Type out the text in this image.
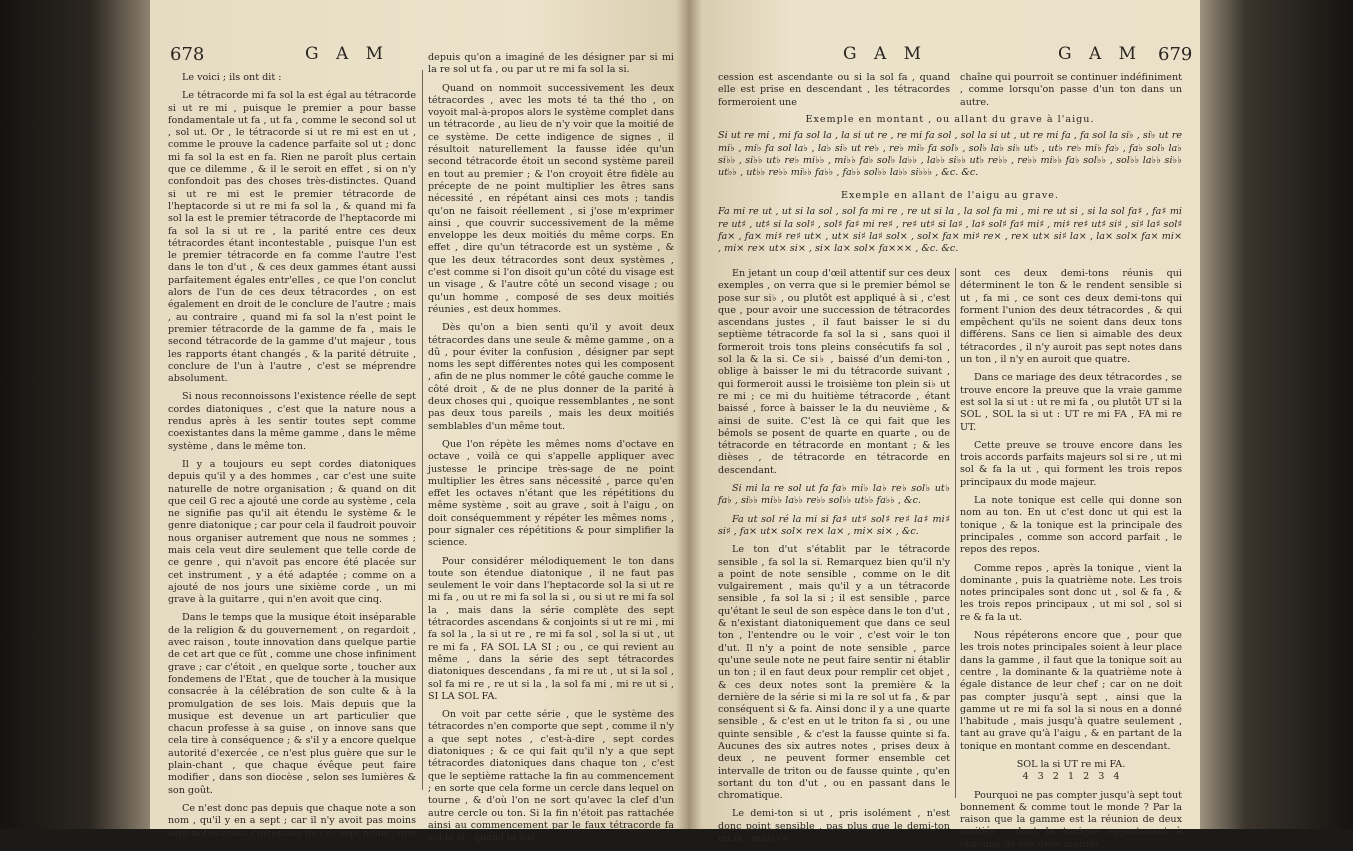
678	G A M

Le voici ; ils ont dit :

Le tétracorde mi fa sol la est égal au tétracorde si ut re mi , puisque le premier a pour basse fondamentale ut fa , ut fa , comme le second sol ut , sol ut. Or , le tétracorde si ut re mi est en ut , comme le prouve la cadence parfaite sol ut ; donc mi fa sol la est en fa. Rien ne paroît plus certain que ce dilemme , & il le seroit en effet , si on n'y confondoit pas des choses très-distinctes. Quand si ut re mi est le premier tétracorde de l'heptacorde si ut re mi fa sol la , & quand mi fa sol la est le premier tétracorde de l'heptacorde mi fa sol la si ut re , la parité entre ces deux tétracordes étant incontestable , puisque l'un est le premier tétracorde en fa comme l'autre l'est dans le ton d'ut , & ces deux gammes étant aussi parfaitement égales entr'elles , ce que l'on conclut alors de l'un de ces deux tétracordes , on est également en droit de le conclure de l'autre ; mais , au contraire , quand mi fa sol la n'est point le premier tétracorde de la gamme de fa , mais le second tétracorde de la gamme d'ut majeur , tous les rapports étant changés , & la parité détruite , conclure de l'un à l'autre , c'est se méprendre absolument.

Si nous reconnoissons l'existence réelle de sept cordes diatoniques , c'est que la nature nous a rendus après à les sentir toutes sept comme coexistantes dans la même gamme , dans le même système , dans le même ton.

Il y a toujours eu sept cordes diatoniques depuis qu'il y a des hommes , car c'est une suite naturelle de notre organisation ; & quand on dit que ceil G rec a ajouté une corde au système , cela ne signifie pas qu'il ait étendu le système & le genre diatonique ; car pour cela il faudroit pouvoir nous organiser autrement que nous ne sommes ; mais cela veut dire seulement que telle corde de ce genre , qui n'avoit pas encore été placée sur cet instrument , y a été adaptée ; comme on a ajouté de nos jours une sixième corde , un mi grave à la guitarre , qui n'en avoit que cinq.

Dans le temps que la musique étoit inséparable de la religion & du gouvernement , on regardoit , avec raison , toute innovation dans quelque partie de cet art que ce fût , comme une chose infiniment grave ; car c'étoit , en quelque sorte , toucher aux fondemens de l'Etat , que de toucher à la musique consacrée à la célébration de son culte & à la promulgation de ses lois. Mais depuis que la musique est devenue un art particulier que chacun professe à sa guise , on innove sans que cela tire à conséquence ; & s'il y a encore quelque autorité d'exercée , ce n'est plus guère que sur le plain-chant , que chaque évêque peut faire modifier , dans son diocèse , selon ses lumières & son goût.

Ce n'est donc pas depuis que chaque note a son nom , qu'il y en a sept ; car il n'y avoit pas moins sept notes avant l'invention de ces sept noms , que

depuis qu'on a imaginé de les désigner par si mi la re sol ut fa , ou par ut re mi fa sol la si.

Quand on nommoit successivement les deux tétracordes , avec les mots té ta thé tho , on voyoit mal-à-propos alors le système complet dans un tétracorde , au lieu de n'y voir que la moitié de ce système. De cette indigence de signes , il résultoit naturellement la fausse idée qu'un second tétracorde étoit un second système pareil en tout au premier ; & l'on croyoit être fidèle au précepte de ne point multiplier les êtres sans nécessité , en répétant ainsi ces mots ; tandis qu'on ne faisoit réellement , si j'ose m'exprimer ainsi , que couvrir successivement de la même enveloppe les deux moitiés du même corps. En effet , dire qu'un tétracorde est un système , & que les deux tétracordes sont deux systèmes , c'est comme si l'on disoit qu'un côté du visage est un visage , & l'autre côté un second visage ; ou qu'un homme , composé de ses deux moitiés réunies , est deux hommes.

Dès qu'on a bien senti qu'il y avoit deux tétracordes dans une seule & même gamme , on a dû , pour éviter la confusion , désigner par sept noms les sept différentes notes qui les composent , afin de ne plus nommer le côté gauche comme le côté droit , & de ne plus donner de la parité à deux choses qui , quoique ressemblantes , ne sont pas deux tous pareils , mais les deux moitiés semblables d'un même tout.

Que l'on répète les mêmes noms d'octave en octave , voilà ce qui s'appelle appliquer avec justesse le principe très-sage de ne point multiplier les êtres sans nécessité , parce qu'en effet les octaves n'étant que les répétitions du même système , soit au grave , soit à l'aigu , on doit conséquemment y répéter les mêmes noms , pour signaler ces répétitions & pour simplifier la science.

Pour considérer mélodiquement le ton dans toute son étendue diatonique , il ne faut pas seulement le voir dans l'heptacorde sol la si ut re mi fa , ou ut re mi fa sol la si , ou si ut re mi fa sol la , mais dans la série complète des sept tétracordes ascendans & conjoints si ut re mi , mi fa sol la , la si ut re , re mi fa sol , sol la si ut , ut re mi fa , FA SOL LA SI ; ou , ce qui revient au même , dans la série des sept tétracordes diatoniques descendans , fa mi re ut , ut si la sol , sol fa mi re , re ut si la , la sol fa mi , mi re ut si , SI LA SOL FA.

On voit par cette série , que le système des tétracordes n'en comporte que sept , comme il n'y a que sept notes , c'est-à-dire , sept cordes diatoniques ; & ce qui fait qu'il n'y a que sept tétracordes diatoniques dans chaque ton , c'est que le septième rattache la fin au commencement ; en sorte que cela forme un cercle dans lequel on tourne , & d'où l'on ne sort qu'avec la clef d'un autre cercle ou ton. Si la fin n'étoit pas rattachée ainsi au commencement par le faux tétracorde fa sol la si , quand la suc-

G A M	G A M 679

cession est ascendante ou si la sol fa , quand elle est prise en descendant , les tétracordes formeroient une

chaîne qui pourroit se continuer indéfiniment , comme lorsqu'on passe d'un ton dans un autre.

Exemple en montant , ou allant du grave à l'aigu.
Si ut re mi , mi fa sol la , la si ut re , re mi fa sol , sol la si ut , ut re mi fa , fa sol la si♭ , si♭ ut re mi♭ , mi♭ fa sol la♭ , la♭ si♭ ut re♭ , re♭ mi♭ fa sol♭ , sol♭ la♭ si♭ ut♭ , ut♭ re♭ mi♭ fa♭ , fa♭ sol♭ la♭ si♭♭ , si♭♭ ut♭ re♭ mi♭♭ , mi♭♭ fa♭ sol♭ la♭♭ , la♭♭ si♭♭ ut♭ re♭♭ , re♭♭ mi♭♭ fa♭ sol♭♭ , sol♭♭ la♭♭ si♭♭ ut♭♭ , ut♭♭ re♭♭ mi♭♭ fa♭♭ , fa♭♭ sol♭♭ la♭♭ si♭♭♭ , &c. &c.
Exemple en allant de l'aigu au grave.
Fa mi re ut , ut si la sol , sol fa mi re , re ut si la , la sol fa mi , mi re ut si , si la sol fa♯ , fa♯ mi re ut♯ , ut♯ si la sol♯ , sol♯ fa♯ mi re♯ , re♯ ut♯ si la♯ , la♯ sol♯ fa♯ mi♯ , mi♯ re♯ ut♯ si♯ , si♯ la♯ sol♯ fa× , fa× mi♯ re♯ ut× , ut× si♯ la♯ sol× , sol× fa× mi♯ re× , re× ut× si♯ la× , la× sol× fa× mi× , mi× re× ut× si× , si× la× sol× fa××× , &c. &c.

En jetant un coup d'œil attentif sur ces deux exemples , on verra que si le premier bémol se pose sur si♭ , ou plutôt est appliqué à si , c'est que , pour avoir une succession de tétracordes ascendans justes , il faut baisser le si du septième tétracorde fa sol la si , sans quoi il formeroit trois tons pleins consécutifs fa sol , sol la & la si. Ce si♭ , baissé d'un demi-ton , oblige à baisser le mi du tétracorde suivant , qui formeroit aussi le troisième ton plein si♭ ut re mi ; ce mi du huitième tétracorde , étant baissé , force à baisser le la du neuvième , & ainsi de suite. C'est là ce qui fait que les bémols se posent de quarte en quarte , ou de tétracorde en tétracorde en montant ; & les dièses , de tétracorde en tétracorde en descendant.

Si mi la re sol ut fa fa♭ mi♭ la♭ re♭ sol♭ ut♭ fa♭ , si♭♭ mi♭♭ la♭♭ re♭♭ sol♭♭ ut♭♭ fa♭♭ , &c.

Fa ut sol ré la mi si fa♯ ut♯ sol♯ re♯ la♯ mi♯ si♯ , fa× ut× sol× re× la× , mi× si× , &c.

Le ton d'ut s'établit par le tétracorde sensible , fa sol la si. Remarquez bien qu'il n'y a point de note sensible , comme on le dit vulgairement , mais qu'il y a un tétracorde sensible , fa sol la si ; il est sensible , parce qu'étant le seul de son espèce dans le ton d'ut , & n'existant diatoniquement que dans ce seul ton , l'entendre ou le voir , c'est voir le ton d'ut. Il n'y a point de note sensible , parce qu'une seule note ne peut faire sentir ni établir un ton ; il en faut deux pour remplir cet objet , & ces deux notes sont la première & la dernière de la série si mi la re sol ut fa , & par conséquent si & fa. Ainsi donc il y a une quarte sensible , & c'est en ut le triton fa si , ou une quinte sensible , & c'est la fausse quinte si fa. Aucunes des six autres notes , prises deux à deux , ne peuvent former ensemble cet intervalle de triton ou de fausse quinte , qu'en sortant du ton d'ut , ou en passant dans le chromatique.

Le demi-ton si ut , pris isolément , n'est donc point sensible , pas plus que le demi-ton mi fa ; mais ce

sont ces deux demi-tons réunis qui déterminent le ton & le rendent sensible si ut , fa mi , ce sont ces deux demi-tons qui forment l'union des deux tétracordes , & qui empêchent qu'ils ne soient dans deux tons différens. Sans ce lien si aimable des deux tétracordes , il n'y auroit pas sept notes dans un ton , il n'y en auroit que quatre.

Dans ce mariage des deux tétracordes , se trouve encore la preuve que la vraie gamme est sol la si ut : ut re mi fa , ou plutôt UT si la SOL , SOL la si ut : UT re mi FA , FA mi re UT.

Cette preuve se trouve encore dans les trois accords parfaits majeurs sol si re , ut mi sol & fa la ut , qui forment les trois repos principaux du mode majeur.

La note tonique est celle qui donne son nom au ton. En ut c'est donc ut qui est la tonique , & la tonique est la principale des principales , comme son accord parfait , le repos des repos.

Comme repos , après la tonique , vient la dominante , puis la quatrième note. Les trois notes principales sont donc ut , sol & fa , & les trois repos principaux , ut mi sol , sol si re & fa la ut.

Nous répéterons encore que , pour que les trois notes principales soient à leur place dans la gamme , il faut que la tonique soit au centre , la dominante & la quatrième note à égale distance de leur chef ; car on ne doit pas compter jusqu'à sept , ainsi que la gamme ut re mi fa sol la si nous en a donné l'habitude , mais jusqu'à quatre seulement , tant au grave qu'à l'aigu , & en partant de la tonique en montant comme en descendant.

SOL la si UT re mi FA.

4 3 2 1 2 3 4

Pourquoi ne pas compter jusqu'à sept tout bonnement & comme tout le monde ? Par la raison que la gamme est la réunion de deux moitiés , dont la tonique appartenant à chacune de ces deux moitiés ,
